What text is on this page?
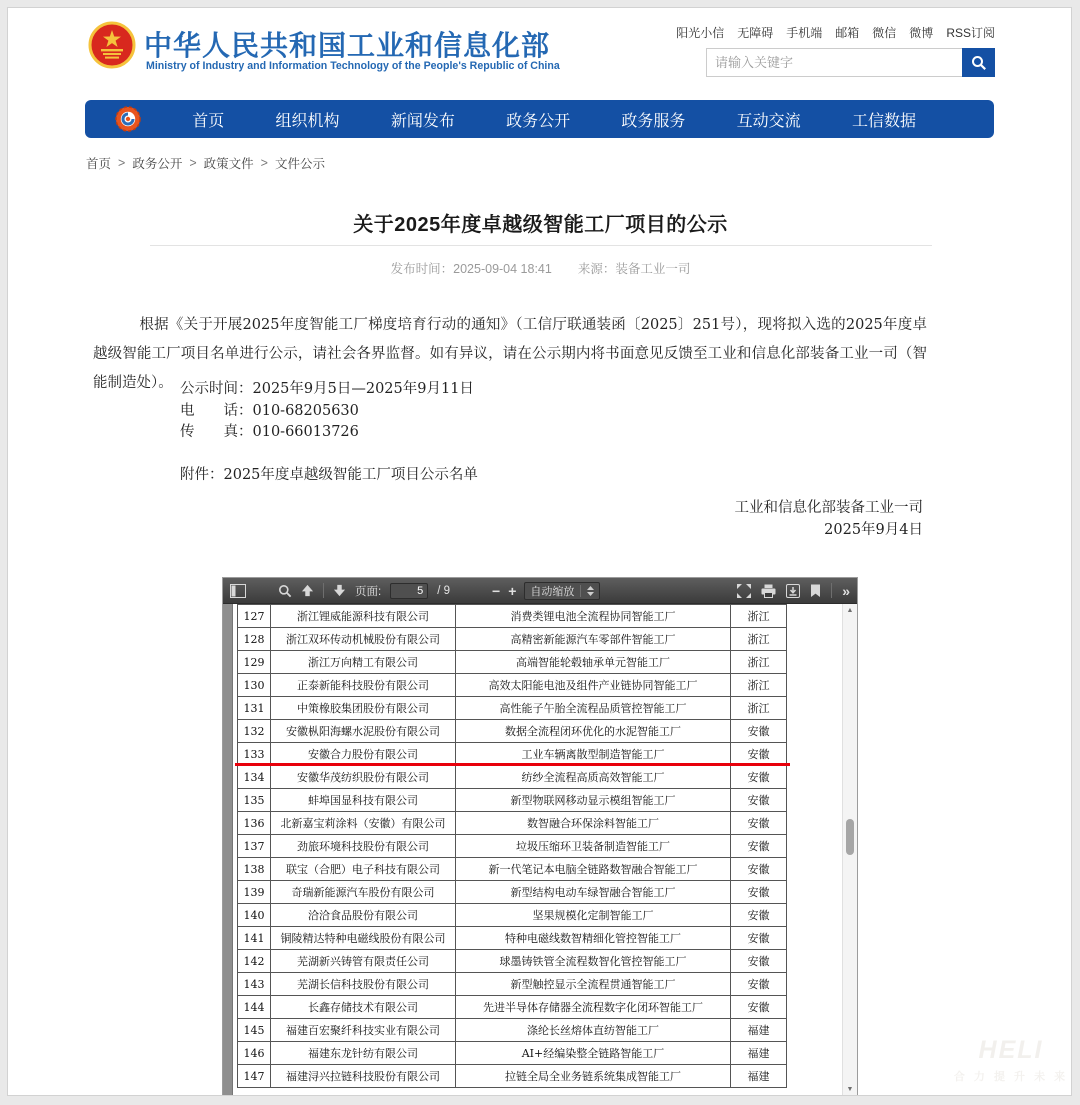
中华人民共和国工业和信息化部
Ministry of Industry and Information Technology of the People's Republic of China
阳光小信 无障碍 手机端 邮箱 微信 微博 RSS订阅
请输入关键字
首页	组织机构	新闻发布	政务公开	政务服务	互动交流	工信数据
首页 > 政务公开 > 政策文件 > 文件公示
关于2025年度卓越级智能工厂项目的公示
发布时间：2025-09-04 18:41 来源：装备工业一司
根据《关于开展2025年度智能工厂梯度培育行动的通知》（工信厅联通装函〔2025〕251号），现将拟入选的2025年度卓越级智能工厂项目名单进行公示，请社会各界监督。如有异议，请在公示期内将书面意见反馈至工业和信息化部装备工业一司（智能制造处）。 公示时间：2025年9月5日—2025年9月11日
电　　话：010-68205630
传　　真：010-66013726
附件：2025年度卓越级智能工厂项目公示名单
工业和信息化部装备工业一司
2025年9月4日
页面:
5	/ 9	− + 自动缩放	»
127	浙江锂威能源科技有限公司	消费类锂电池全流程协同智能工厂	浙江
128	浙江双环传动机械股份有限公司	高精密新能源汽车零部件智能工厂	浙江
129	浙江万向精工有限公司	高端智能轮毂轴承单元智能工厂	浙江
130	正泰新能科技股份有限公司	高效太阳能电池及组件产业链协同智能工厂	浙江
131	中策橡胶集团股份有限公司	高性能子午胎全流程品质管控智能工厂	浙江
132	安徽枞阳海螺水泥股份有限公司	数据全流程闭环优化的水泥智能工厂	安徽
133	安徽合力股份有限公司	工业车辆离散型制造智能工厂	安徽
134	安徽华茂纺织股份有限公司	纺纱全流程高质高效智能工厂	安徽
135	蚌埠国显科技有限公司	新型物联网移动显示模组智能工厂	安徽
136	北新嘉宝莉涂料（安徽）有限公司	数智融合环保涂料智能工厂	安徽
137	劲旅环境科技股份有限公司	垃圾压缩环卫装备制造智能工厂	安徽
138	联宝（合肥）电子科技有限公司	新一代笔记本电脑全链路数智融合智能工厂	安徽
139	奇瑞新能源汽车股份有限公司	新型结构电动车绿智融合智能工厂	安徽
140	洽洽食品股份有限公司	坚果规模化定制智能工厂	安徽
141	铜陵精达特种电磁线股份有限公司	特种电磁线数智精细化管控智能工厂	安徽
142	芜湖新兴铸管有限责任公司	球墨铸铁管全流程数智化管控智能工厂	安徽
143	芜湖长信科技股份有限公司	新型触控显示全流程贯通智能工厂	安徽
144	长鑫存储技术有限公司	先进半导体存储器全流程数字化闭环智能工厂	安徽
145	福建百宏聚纤科技实业有限公司	涤纶长丝熔体直纺智能工厂	福建
146	福建东龙针纺有限公司	AI+经编染整全链路智能工厂	福建
147	福建浔兴拉链科技股份有限公司	拉链全局全业务链系统集成智能工厂	福建
▲
▼
HELI
合 力 提 升 未 来
